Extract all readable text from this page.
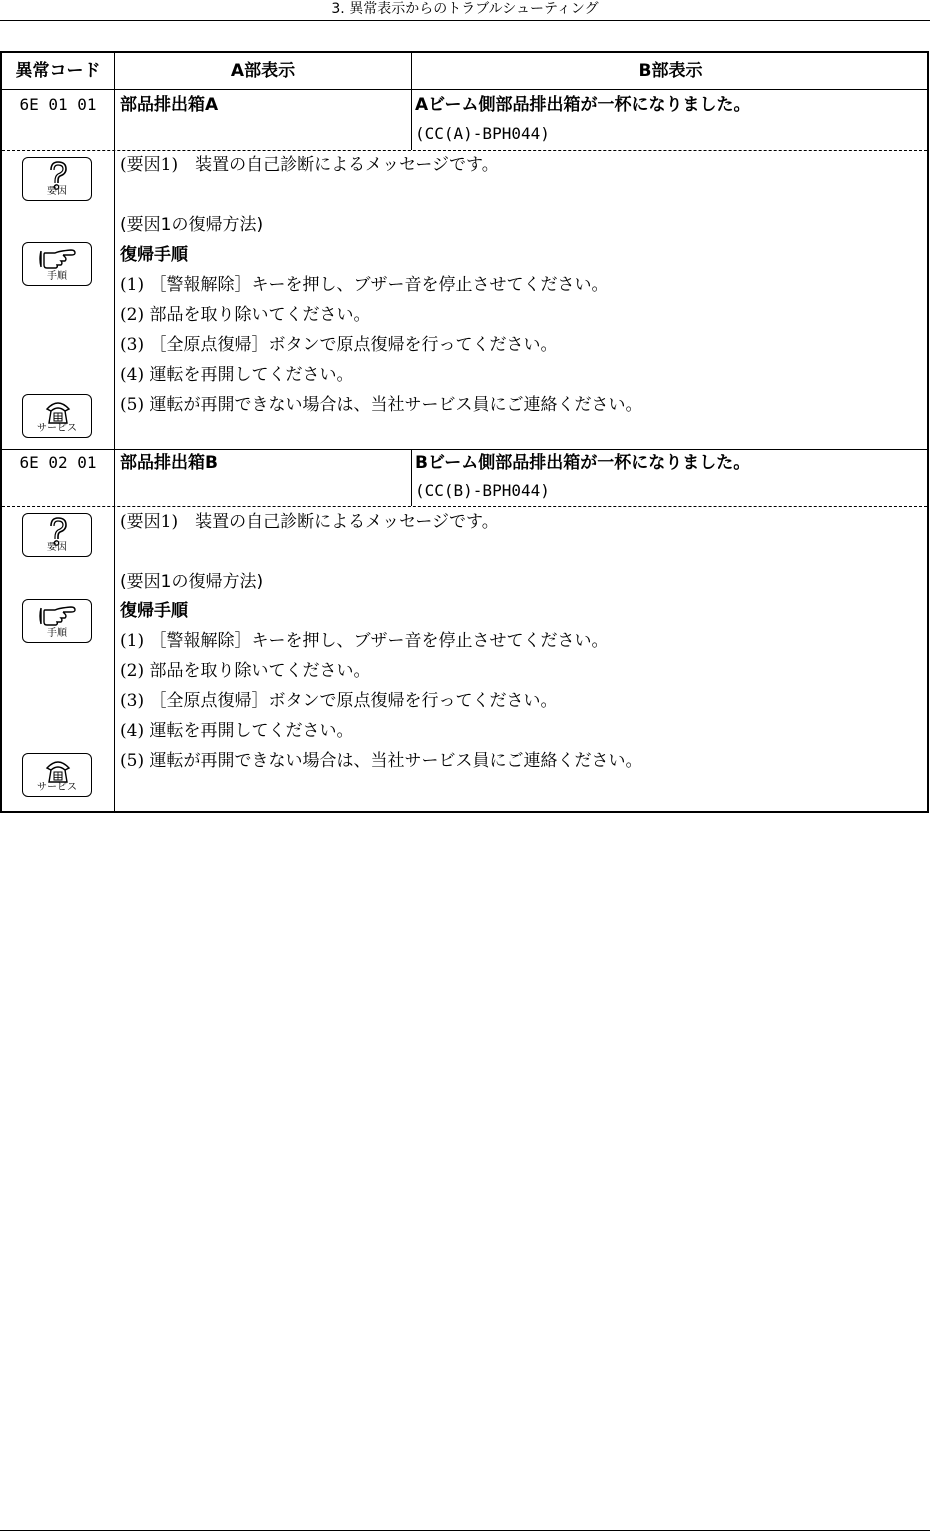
3. 異常表示からのトラブルシューティング
異常コード	A部表示	B部表示
6E 01 01	部品排出箱A	Aビーム側部品排出箱が一杯になりました。
(CC(A)-BPH044)
要因
(要因1)　装置の自己診断によるメッセージです。
(要因1の復帰方法)
手順
復帰手順
(1) ［警報解除］キーを押し、ブザー音を停止させてください。
(2) 部品を取り除いてください。
(3) ［全原点復帰］ボタンで原点復帰を行ってください。
(4) 運転を再開してください。
(5) 運転が再開できない場合は、当社サービス員にご連絡ください。
サービス
6E 02 01	部品排出箱B	Bビーム側部品排出箱が一杯になりました。
(CC(B)-BPH044)
要因
(要因1)　装置の自己診断によるメッセージです。
(要因1の復帰方法)
手順
復帰手順
(1) ［警報解除］キーを押し、ブザー音を停止させてください。
(2) 部品を取り除いてください。
(3) ［全原点復帰］ボタンで原点復帰を行ってください。
(4) 運転を再開してください。
(5) 運転が再開できない場合は、当社サービス員にご連絡ください。
サービス
